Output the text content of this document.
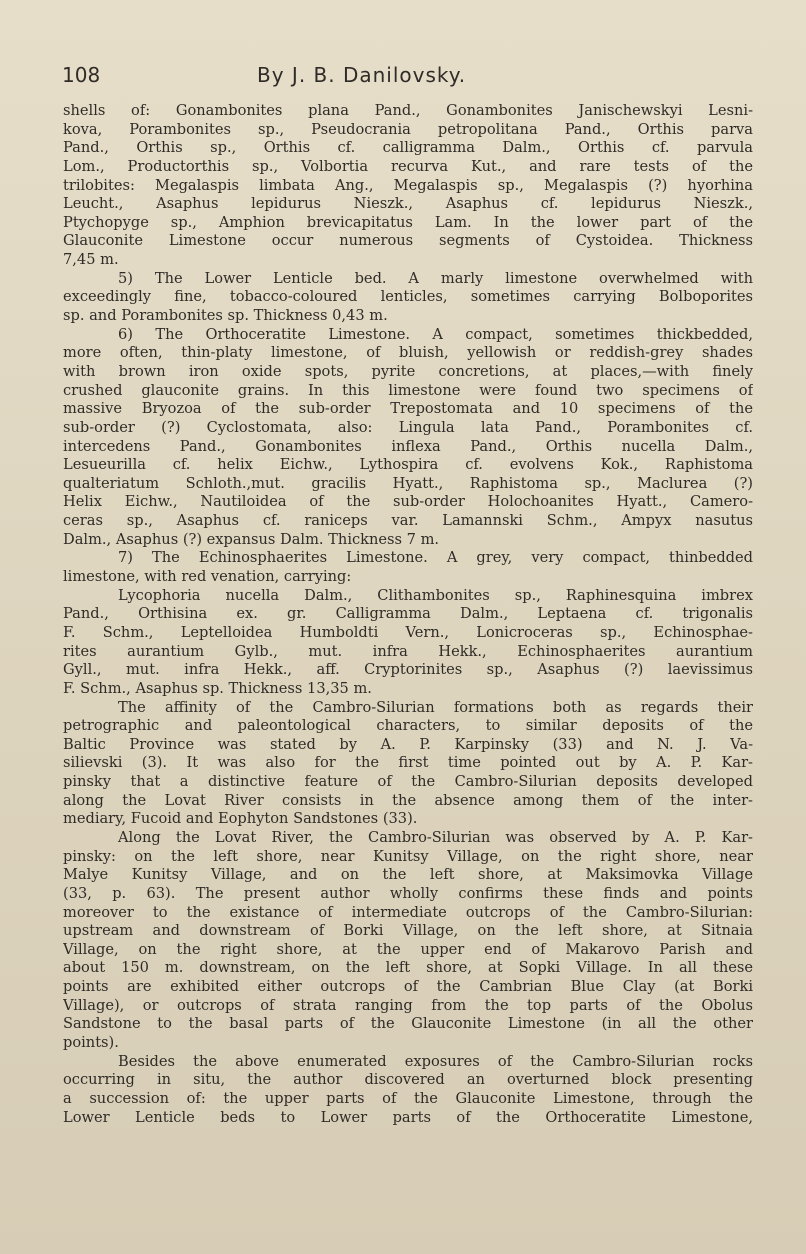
108	By J. B. Danilovsky.
shells of: Gonambonites plana Pand., Gonambonites Janischewskyi Lesni-
kova, Porambonites sp., Pseudocrania petropolitana Pand., Orthis parva
Pand., Orthis sp., Orthis cf. calligramma Dalm., Orthis cf. parvula
Lom., Productorthis sp., Volbortia recurva Kut., and rare tests of the
trilobites: Megalaspis limbata Ang., Megalaspis sp., Megalaspis (?) hyorhina
Leucht., Asaphus lepidurus Nieszk., Asaphus cf. lepidurus Nieszk.,
Ptychopyge sp., Amphion brevicapitatus Lam. In the lower part of the
Glauconite Limestone occur numerous segments of Cystoidea. Thickness
7,45 m.
5) The Lower Lenticle bed. A marly limestone overwhelmed with
exceedingly fine, tobacco-coloured lenticles, sometimes carrying Bolboporites
sp. and Porambonites sp. Thickness 0,43 m.
6) The Orthoceratite Limestone. A compact, sometimes thickbedded,
more often, thin-platy limestone, of bluish, yellowish or reddish-grey shades
with brown iron oxide spots, pyrite concretions, at places,—with finely
crushed glauconite grains. In this limestone were found two specimens of
massive Bryozoa of the sub-order Trepostomata and 10 specimens of the
sub-order (?) Cyclostomata, also: Lingula lata Pand., Porambonites cf.
intercedens Pand., Gonambonites inflexa Pand., Orthis nucella Dalm.,
Lesueurilla cf. helix Eichw., Lythospira cf. evolvens Kok., Raphistoma
qualteriatum Schloth.,mut. gracilis Hyatt., Raphistoma sp., Maclurea (?)
Helix Eichw., Nautiloidea of the sub-order Holochoanites Hyatt., Camero-
ceras sp., Asaphus cf. raniceps var. Lamannski Schm., Ampyx nasutus
Dalm., Asaphus (?) expansus Dalm. Thickness 7 m.
7) The Echinosphaerites Limestone. A grey, very compact, thinbedded
limestone, with red venation, carrying:
Lycophoria nucella Dalm., Clithambonites sp., Raphinesquina imbrex
Pand., Orthisina ex. gr. Calligramma Dalm., Leptaena cf. trigonalis
F. Schm., Leptelloidea Humboldti Vern., Lonicroceras sp., Echinosphae-
rites aurantium Gylb., mut. infra Hekk., Echinosphaerites aurantium
Gyll., mut. infra Hekk., aff. Cryptorinites sp., Asaphus (?) laevissimus
F. Schm., Asaphus sp. Thickness 13,35 m.
The affinity of the Cambro-Silurian formations both as regards their
petrographic and paleontological characters, to similar deposits of the
Baltic Province was stated by A. P. Karpinsky (33) and N. J. Va-
silievski (3). It was also for the first time pointed out by A. P. Kar-
pinsky that a distinctive feature of the Cambro-Silurian deposits developed
along the Lovat River consists in the absence among them of the inter-
mediary, Fucoid and Eophyton Sandstones (33).
Along the Lovat River, the Cambro-Silurian was observed by A. P. Kar-
pinsky: on the left shore, near Kunitsy Village, on the right shore, near
Malye Kunitsy Village, and on the left shore, at Maksimovka Village
(33, p. 63). The present author wholly confirms these finds and points
moreover to the existance of intermediate outcrops of the Cambro-Silurian:
upstream and downstream of Borki Village, on the left shore, at Sitnaia
Village, on the right shore, at the upper end of Makarovo Parish and
about 150 m. downstream, on the left shore, at Sopki Village. In all these
points are exhibited either outcrops of the Cambrian Blue Clay (at Borki
Village), or outcrops of strata ranging from the top parts of the Obolus
Sandstone to the basal parts of the Glauconite Limestone (in all the other
points).
Besides the above enumerated exposures of the Cambro-Silurian rocks
occurring in situ, the author discovered an overturned block presenting
a succession of: the upper parts of the Glauconite Limestone, through the
Lower Lenticle beds to Lower parts of the Orthoceratite Limestone,
